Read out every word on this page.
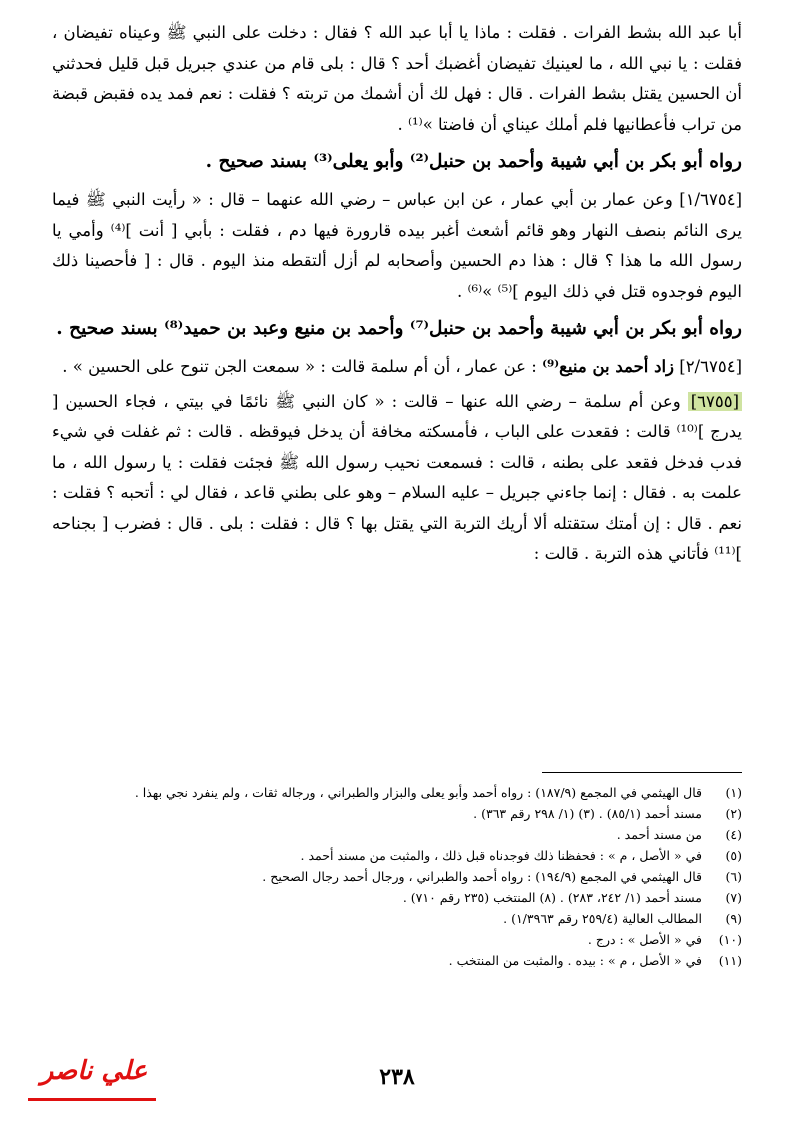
أبا عبد الله بشط الفرات . فقلت : ماذا يا أبا عبد الله ؟ فقال : دخلت على النبي ﷺ وعيناه تفيضان ، فقلت : يا نبي الله ، ما لعينيك تفيضان أغضبك أحد ؟ قال : بلى قام من عندي جبريل قبل قليل فحدثني أن الحسين يقتل بشط الفرات . قال : فهل لك أن أشمك من تربته ؟ فقلت : نعم فمد يده فقبض قبضة من تراب فأعطانيها فلم أملك عيناي أن فاضتا »⁽¹⁾ .

رواه أبو بكر بن أبي شيبة وأحمد بن حنبل⁽²⁾ وأبو يعلى⁽³⁾ بسند صحيح .

[١/٦٧٥٤] وعن عمار بن أبي عمار ، عن ابن عباس – رضي الله عنهما – قال : « رأيت النبي ﷺ فيما يرى النائم بنصف النهار وهو قائم أشعث أغبر بيده قارورة فيها دم ، فقلت : بأبي [ أنت ]⁽⁴⁾ وأمي يا رسول الله ما هذا ؟ قال : هذا دم الحسين وأصحابه لم أزل ألتقطه منذ اليوم . قال : [ فأحصينا ذلك اليوم فوجدوه قتل في ذلك اليوم ]⁽⁵⁾ »⁽⁶⁾ .

رواه أبو بكر بن أبي شيبة وأحمد بن حنبل⁽⁷⁾ وأحمد بن منيع وعبد بن حميد⁽⁸⁾ بسند صحيح .

[٢/٦٧٥٤] زاد أحمد بن منيع⁽⁹⁾ : عن عمار ، أن أم سلمة قالت : « سمعت الجن تنوح على الحسين » .

[٦٧٥٥] وعن أم سلمة – رضي الله عنها – قالت : « كان النبي ﷺ نائمًا في بيتي ، فجاء الحسين [ يدرج ]⁽¹⁰⁾ قالت : فقعدت على الباب ، فأمسكته مخافة أن يدخل فيوقظه . قالت : ثم غفلت في شيء فدب فدخل فقعد على بطنه ، قالت : فسمعت نحيب رسول الله ﷺ فجئت فقلت : يا رسول الله ، ما علمت به . فقال : إنما جاءني جبريل – عليه السلام – وهو على بطني قاعد ، فقال لي : أتحبه ؟ فقلت : نعم . قال : إن أمتك ستقتله ألا أريك التربة التي يقتل بها ؟ قال : فقلت : بلى . قال : فضرب [ بجناحه ]⁽¹¹⁾ فأتاني هذه التربة . قالت :

(١)قال الهيثمي في المجمع (١٨٧/٩) : رواه أحمد وأبو يعلى والبزار والطبراني ، ورجاله ثقات ، ولم ينفرد نجي بهذا .

(٢)مسند أحمد (٨٥/١) . (٣) (١/ ٢٩٨ رقم ٣٦٣) .

(٤)من مسند أحمد .

(٥)في « الأصل ، م » : فحفظنا ذلك فوجدناه قبل ذلك ، والمثبت من مسند أحمد .

(٦)قال الهيثمي في المجمع (١٩٤/٩) : رواه أحمد والطبراني ، ورجال أحمد رجال الصحيح .

(٧)مسند أحمد (١/ ٢٤٢، ٢٨٣) . (٨) المنتخب (٢٣٥ رقم ٧١٠) .

(٩)المطالب العالية (٢٥٩/٤ رقم ١/٣٩٦٣) .

(١٠)في « الأصل » : درج .

(١١)في « الأصل ، م » : بيده . والمثبت من المنتخب .

٢٣٨
علي ناصر
